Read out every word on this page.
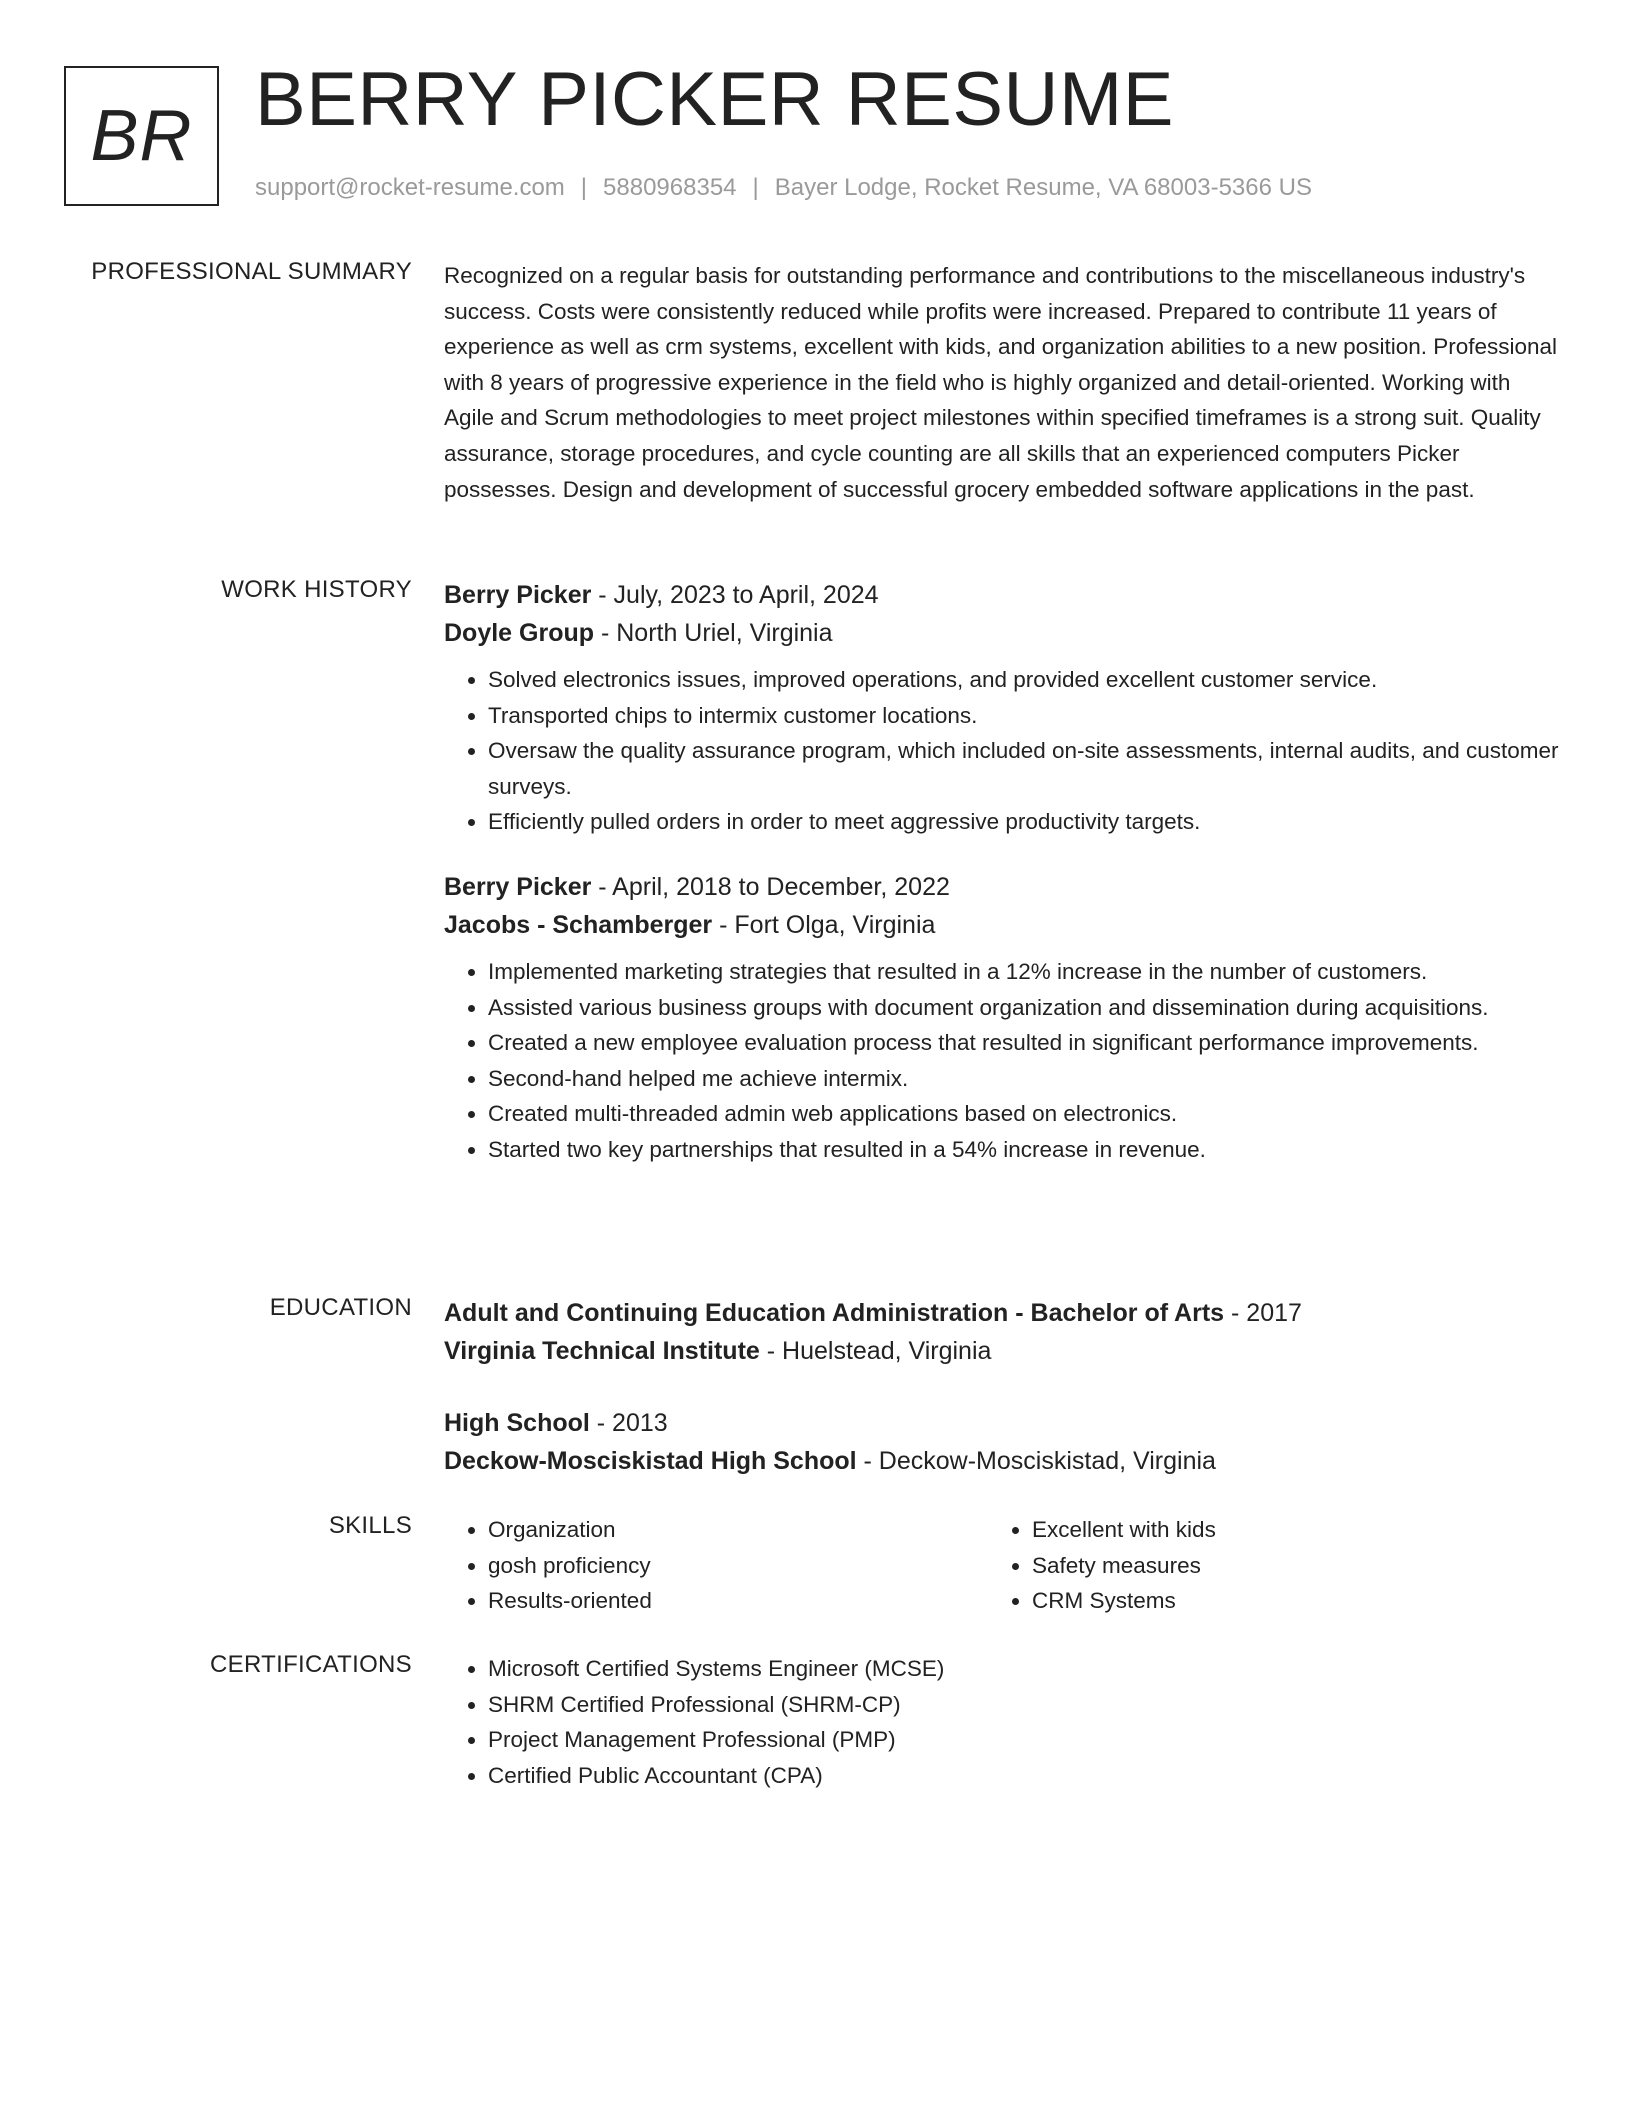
BR BERRY PICKER RESUME
support@rocket-resume.com | 5880968354 | Bayer Lodge, Rocket Resume, VA 68003-5366 US
PROFESSIONAL SUMMARY Recognized on a regular basis for outstanding performance and contributions to the miscellaneous industry's success. Costs were consistently reduced while profits were increased. Prepared to contribute 11 years of experience as well as crm systems, excellent with kids, and organization abilities to a new position. Professional with 8 years of progressive experience in the field who is highly organized and detail-oriented. Working with Agile and Scrum methodologies to meet project milestones within specified timeframes is a strong suit. Quality assurance, storage procedures, and cycle counting are all skills that an experienced computers Picker possesses. Design and development of successful grocery embedded software applications in the past.

WORK HISTORY Berry Picker - July, 2023 to April, 2024
Doyle Group - North Uriel, Virginia
• Solved electronics issues, improved operations, and provided excellent customer service.
• Transported chips to intermix customer locations.
• Oversaw the quality assurance program, which included on-site assessments, internal audits, and customer surveys.
• Efficiently pulled orders in order to meet aggressive productivity targets.
Berry Picker - April, 2018 to December, 2022
Jacobs - Schamberger - Fort Olga, Virginia
• Implemented marketing strategies that resulted in a 12% increase in the number of customers.
• Assisted various business groups with document organization and dissemination during acquisitions.
• Created a new employee evaluation process that resulted in significant performance improvements.
• Second-hand helped me achieve intermix.
• Created multi-threaded admin web applications based on electronics.
• Started two key partnerships that resulted in a 54% increase in revenue.
EDUCATION Adult and Continuing Education Administration - Bachelor of Arts - 2017
Virginia Technical Institute - Huelstead, Virginia
High School - 2013
Deckow-Mosciskistad High School - Deckow-Mosciskistad, Virginia
SKILLS	• Organization
• gosh proficiency
• Results-oriented
• Excellent with kids
• Safety measures
• CRM Systems
CERTIFICATIONS	• Microsoft Certified Systems Engineer (MCSE)
• SHRM Certified Professional (SHRM-CP)
• Project Management Professional (PMP)
• Certified Public Accountant (CPA)
